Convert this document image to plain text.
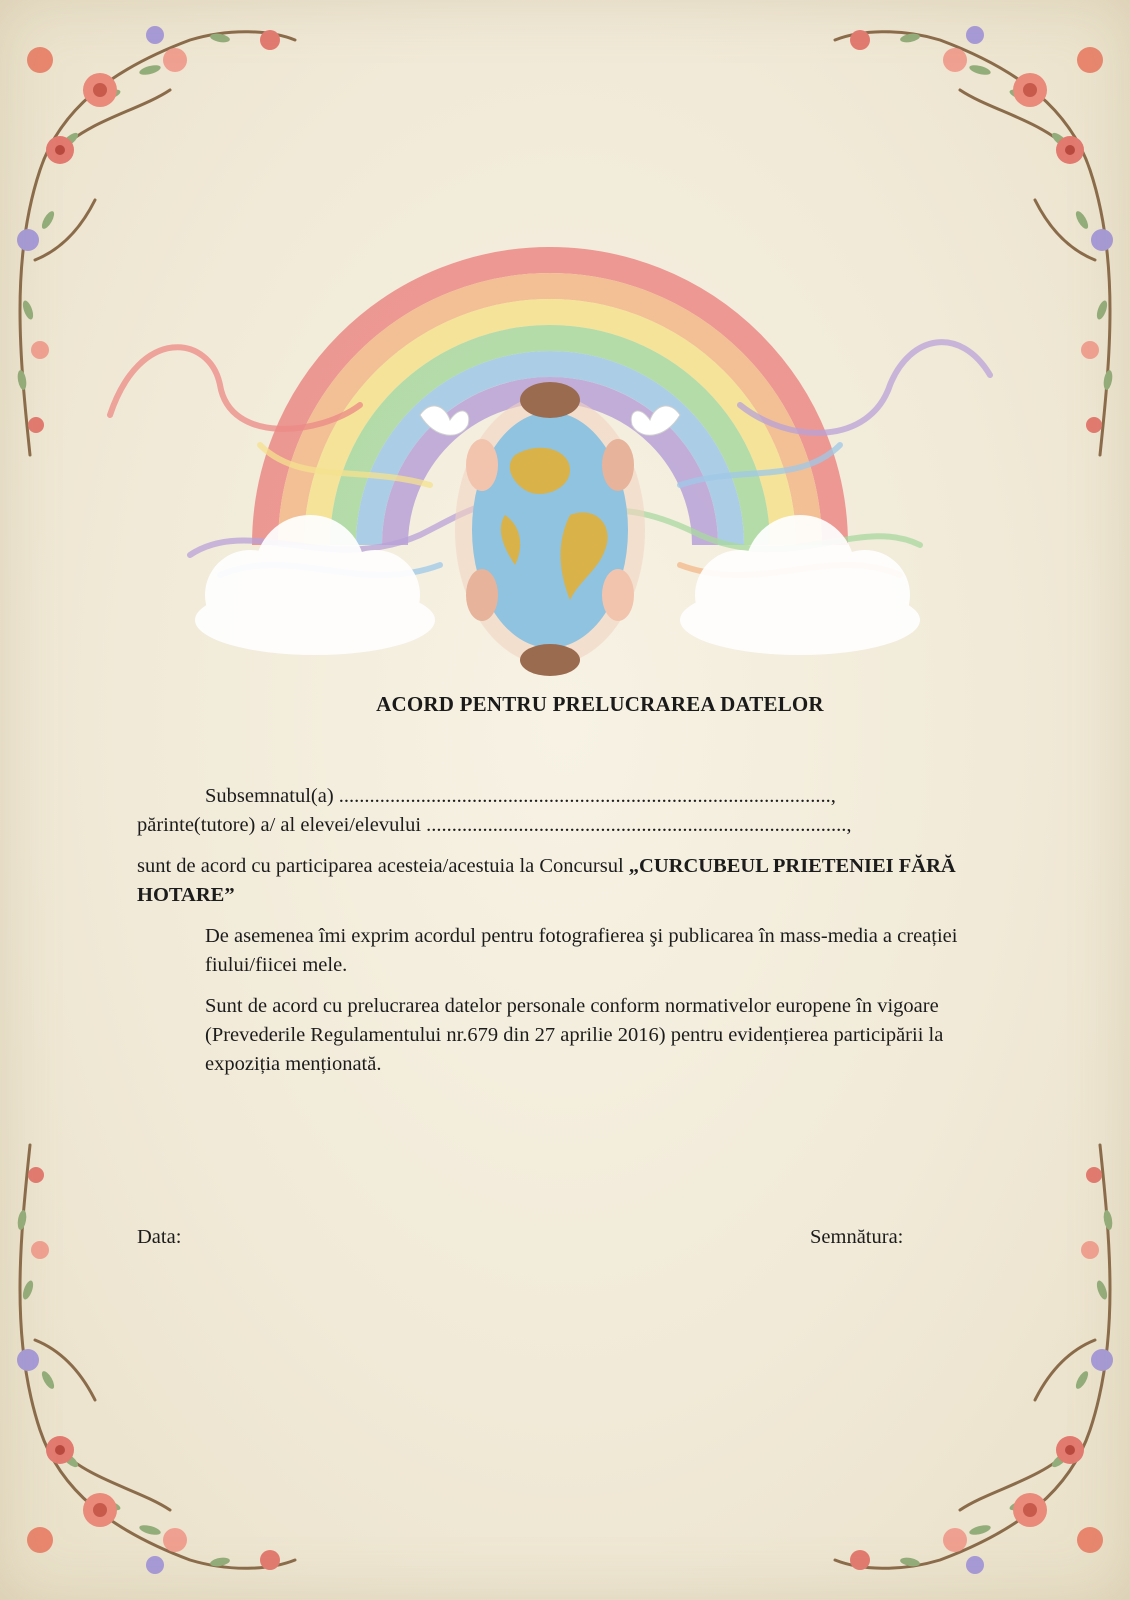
ACORD PENTRU PRELUCRAREA DATELOR

Subsemnatul(a) ................................................................................................,

părinte(tutore) a/ al elevei/elevului ..................................................................................,

sunt de acord cu participarea acesteia/acestuia la Concursul „CURCUBEUL PRIETENIEI FĂRĂ HOTARE”

De asemenea îmi exprim acordul pentru fotografierea şi publicarea în mass-media a creației fiului/fiicei mele.

Sunt de acord cu prelucrarea datelor personale conform normativelor europene în vigoare (Prevederile Regulamentului nr.679 din 27 aprilie 2016) pentru evidențierea participării la expoziția menționată.

Data:	Semnătura:
